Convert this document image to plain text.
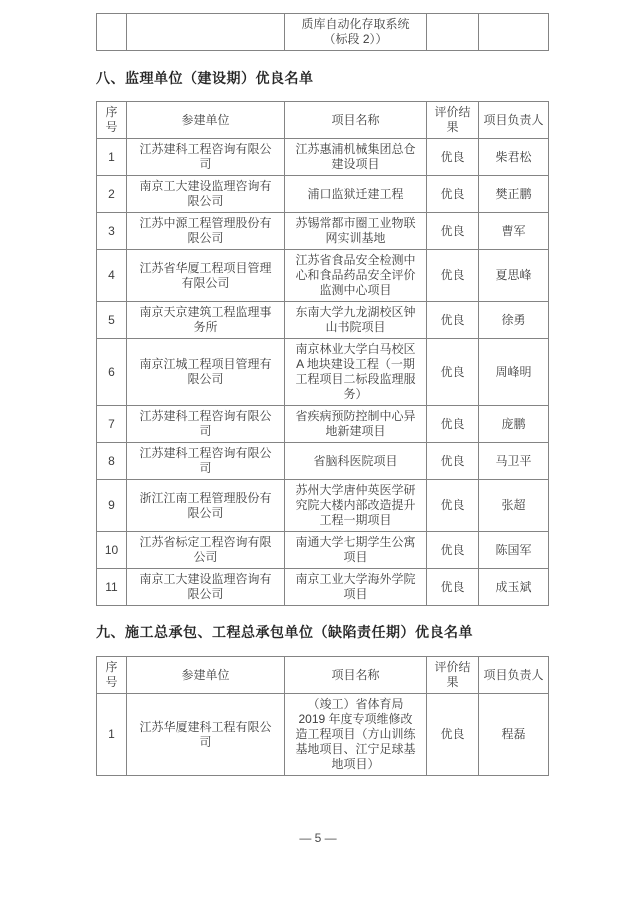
		质库自动化存取系统（标段 2））		
八、监理单位（建设期）优良名单
序号	参建单位	项目名称	评价结果	项目负责人
1	江苏建科工程咨询有限公司	江苏惠浦机械集团总仓建设项目	优良	柴君松
2	南京工大建设监理咨询有限公司	浦口监狱迁建工程	优良	樊正鹏
3	江苏中源工程管理股份有限公司	苏锡常都市圈工业物联网实训基地	优良	曹军
4	江苏省华厦工程项目管理有限公司	江苏省食品安全检测中心和食品药品安全评价监测中心项目	优良	夏思峰
5	南京天京建筑工程监理事务所	东南大学九龙湖校区钟山书院项目	优良	徐勇
6	南京江城工程项目管理有限公司	南京林业大学白马校区A 地块建设工程（一期工程项目二标段监理服务）	优良	周峰明
7	江苏建科工程咨询有限公司	省疾病预防控制中心异地新建项目	优良	庞鹏
8	江苏建科工程咨询有限公司	省脑科医院项目	优良	马卫平
9	浙江江南工程管理股份有限公司	苏州大学唐仲英医学研究院大楼内部改造提升工程一期项目	优良	张超
10	江苏省标定工程咨询有限公司	南通大学七期学生公寓项目	优良	陈国军
11	南京工大建设监理咨询有限公司	南京工业大学海外学院项目	优良	成玉斌
九、施工总承包、工程总承包单位（缺陷责任期）优良名单
序号	参建单位	项目名称	评价结果	项目负责人
1	江苏华厦建科工程有限公司	（竣工）省体育局 2019 年度专项维修改造工程项目（方山训练基地项目、江宁足球基地项目）	优良	程磊
— 5 —
